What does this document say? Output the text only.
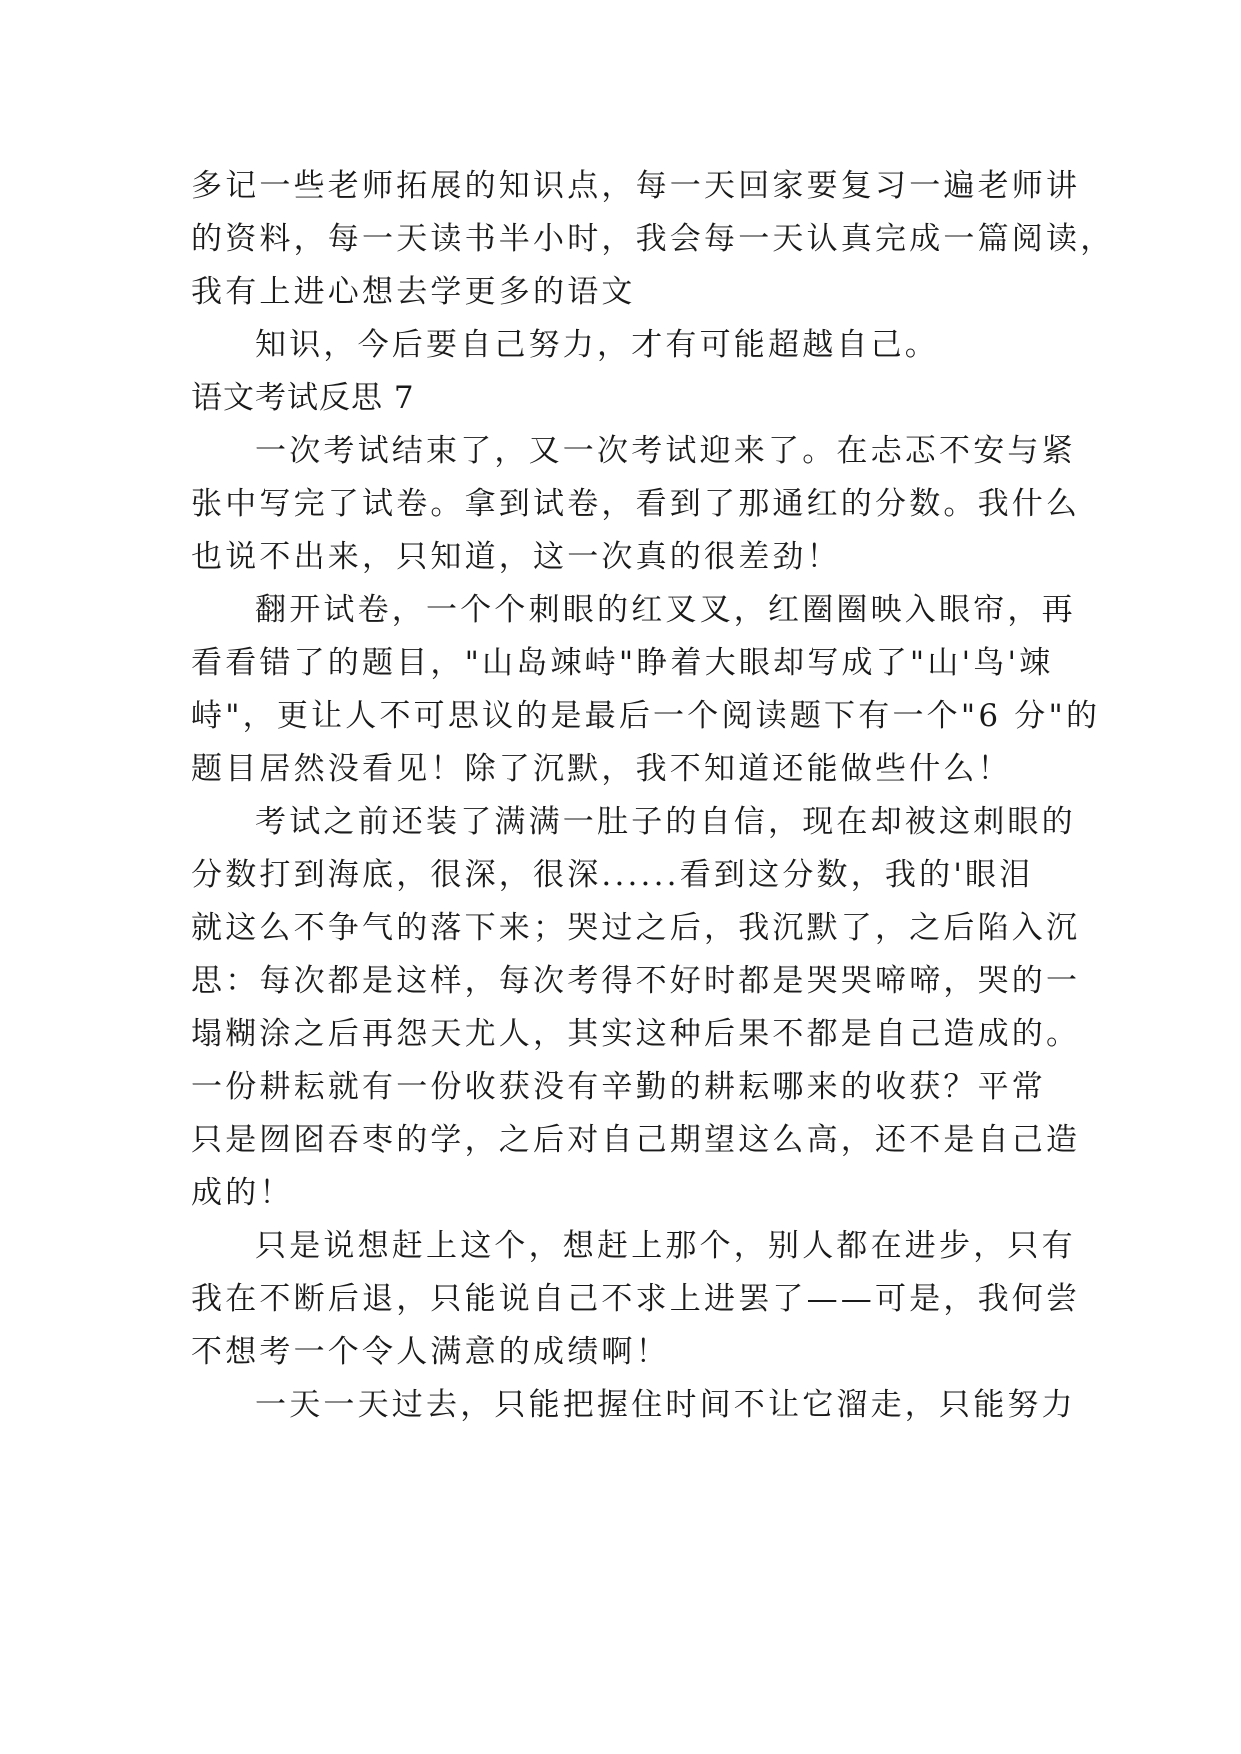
多记一些老师拓展的知识点，每一天回家要复习一遍老师讲
的资料，每一天读书半小时，我会每一天认真完成一篇阅读，
我有上进心想去学更多的语文
知识，今后要自己努力，才有可能超越自己。
语文考试反思 7
一次考试结束了，又一次考试迎来了。在忐忑不安与紧
张中写完了试卷。拿到试卷，看到了那通红的分数。我什么
也说不出来，只知道，这一次真的很差劲！
翻开试卷，一个个刺眼的红叉叉，红圈圈映入眼帘，再
看看错了的题目，"山岛竦峙"睁着大眼却写成了"山'鸟'竦
峙"，更让人不可思议的是最后一个阅读题下有一个"6 分"的
题目居然没看见！除了沉默，我不知道还能做些什么！
考试之前还装了满满一肚子的自信，现在却被这刺眼的
分数打到海底，很深，很深......看到这分数，我的'眼泪
就这么不争气的落下来；哭过之后，我沉默了，之后陷入沉
思：每次都是这样，每次考得不好时都是哭哭啼啼，哭的一
塌糊涂之后再怨天尤人，其实这种后果不都是自己造成的。
一份耕耘就有一份收获没有辛勤的耕耘哪来的收获？平常
只是囫囵吞枣的学，之后对自己期望这么高，还不是自己造
成的！
只是说想赶上这个，想赶上那个，别人都在进步，只有
我在不断后退，只能说自己不求上进罢了——可是，我何尝
不想考一个令人满意的成绩啊！
一天一天过去，只能把握住时间不让它溜走，只能努力
